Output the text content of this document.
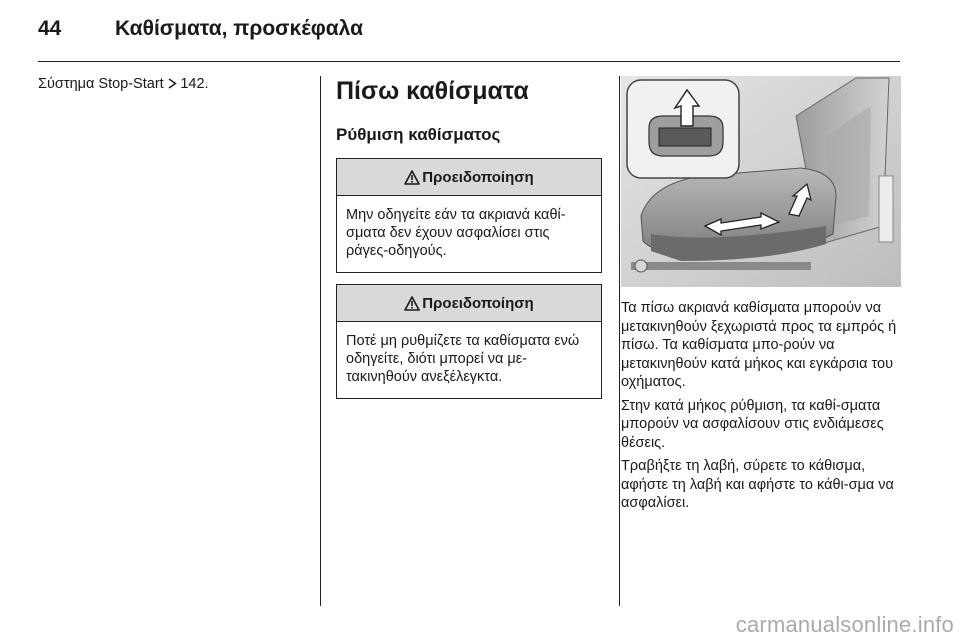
44	Καθίσματα, προσκέφαλα
Σύστημα Stop-Start 142.	Πίσω καθίσματα
Ρύθμιση καθίσματος
Προειδοποίηση
Μην οδηγείτε εάν τα ακριανά καθί-σματα δεν έχουν ασφαλίσει στις ράγες-οδηγούς.
Προειδοποίηση
Ποτέ μη ρυθμίζετε τα καθίσματα ενώ οδηγείτε, διότι μπορεί να με-τακινηθούν ανεξέλεγκτα.

Τα πίσω ακριανά καθίσματα μπορούν να μετακινηθούν ξεχωριστά προς τα εμπρός ή πίσω. Τα καθίσματα μπο-ρούν να μετακινηθούν κατά μήκος και εγκάρσια του οχήματος.

Στην κατά μήκος ρύθμιση, τα καθί-σματα μπορούν να ασφαλίσουν στις ενδιάμεσες θέσεις.

Τραβήξτε τη λαβή, σύρετε το κάθισμα, αφήστε τη λαβή και αφήστε το κάθι-σμα να ασφαλίσει.

carmanualsonline.info
